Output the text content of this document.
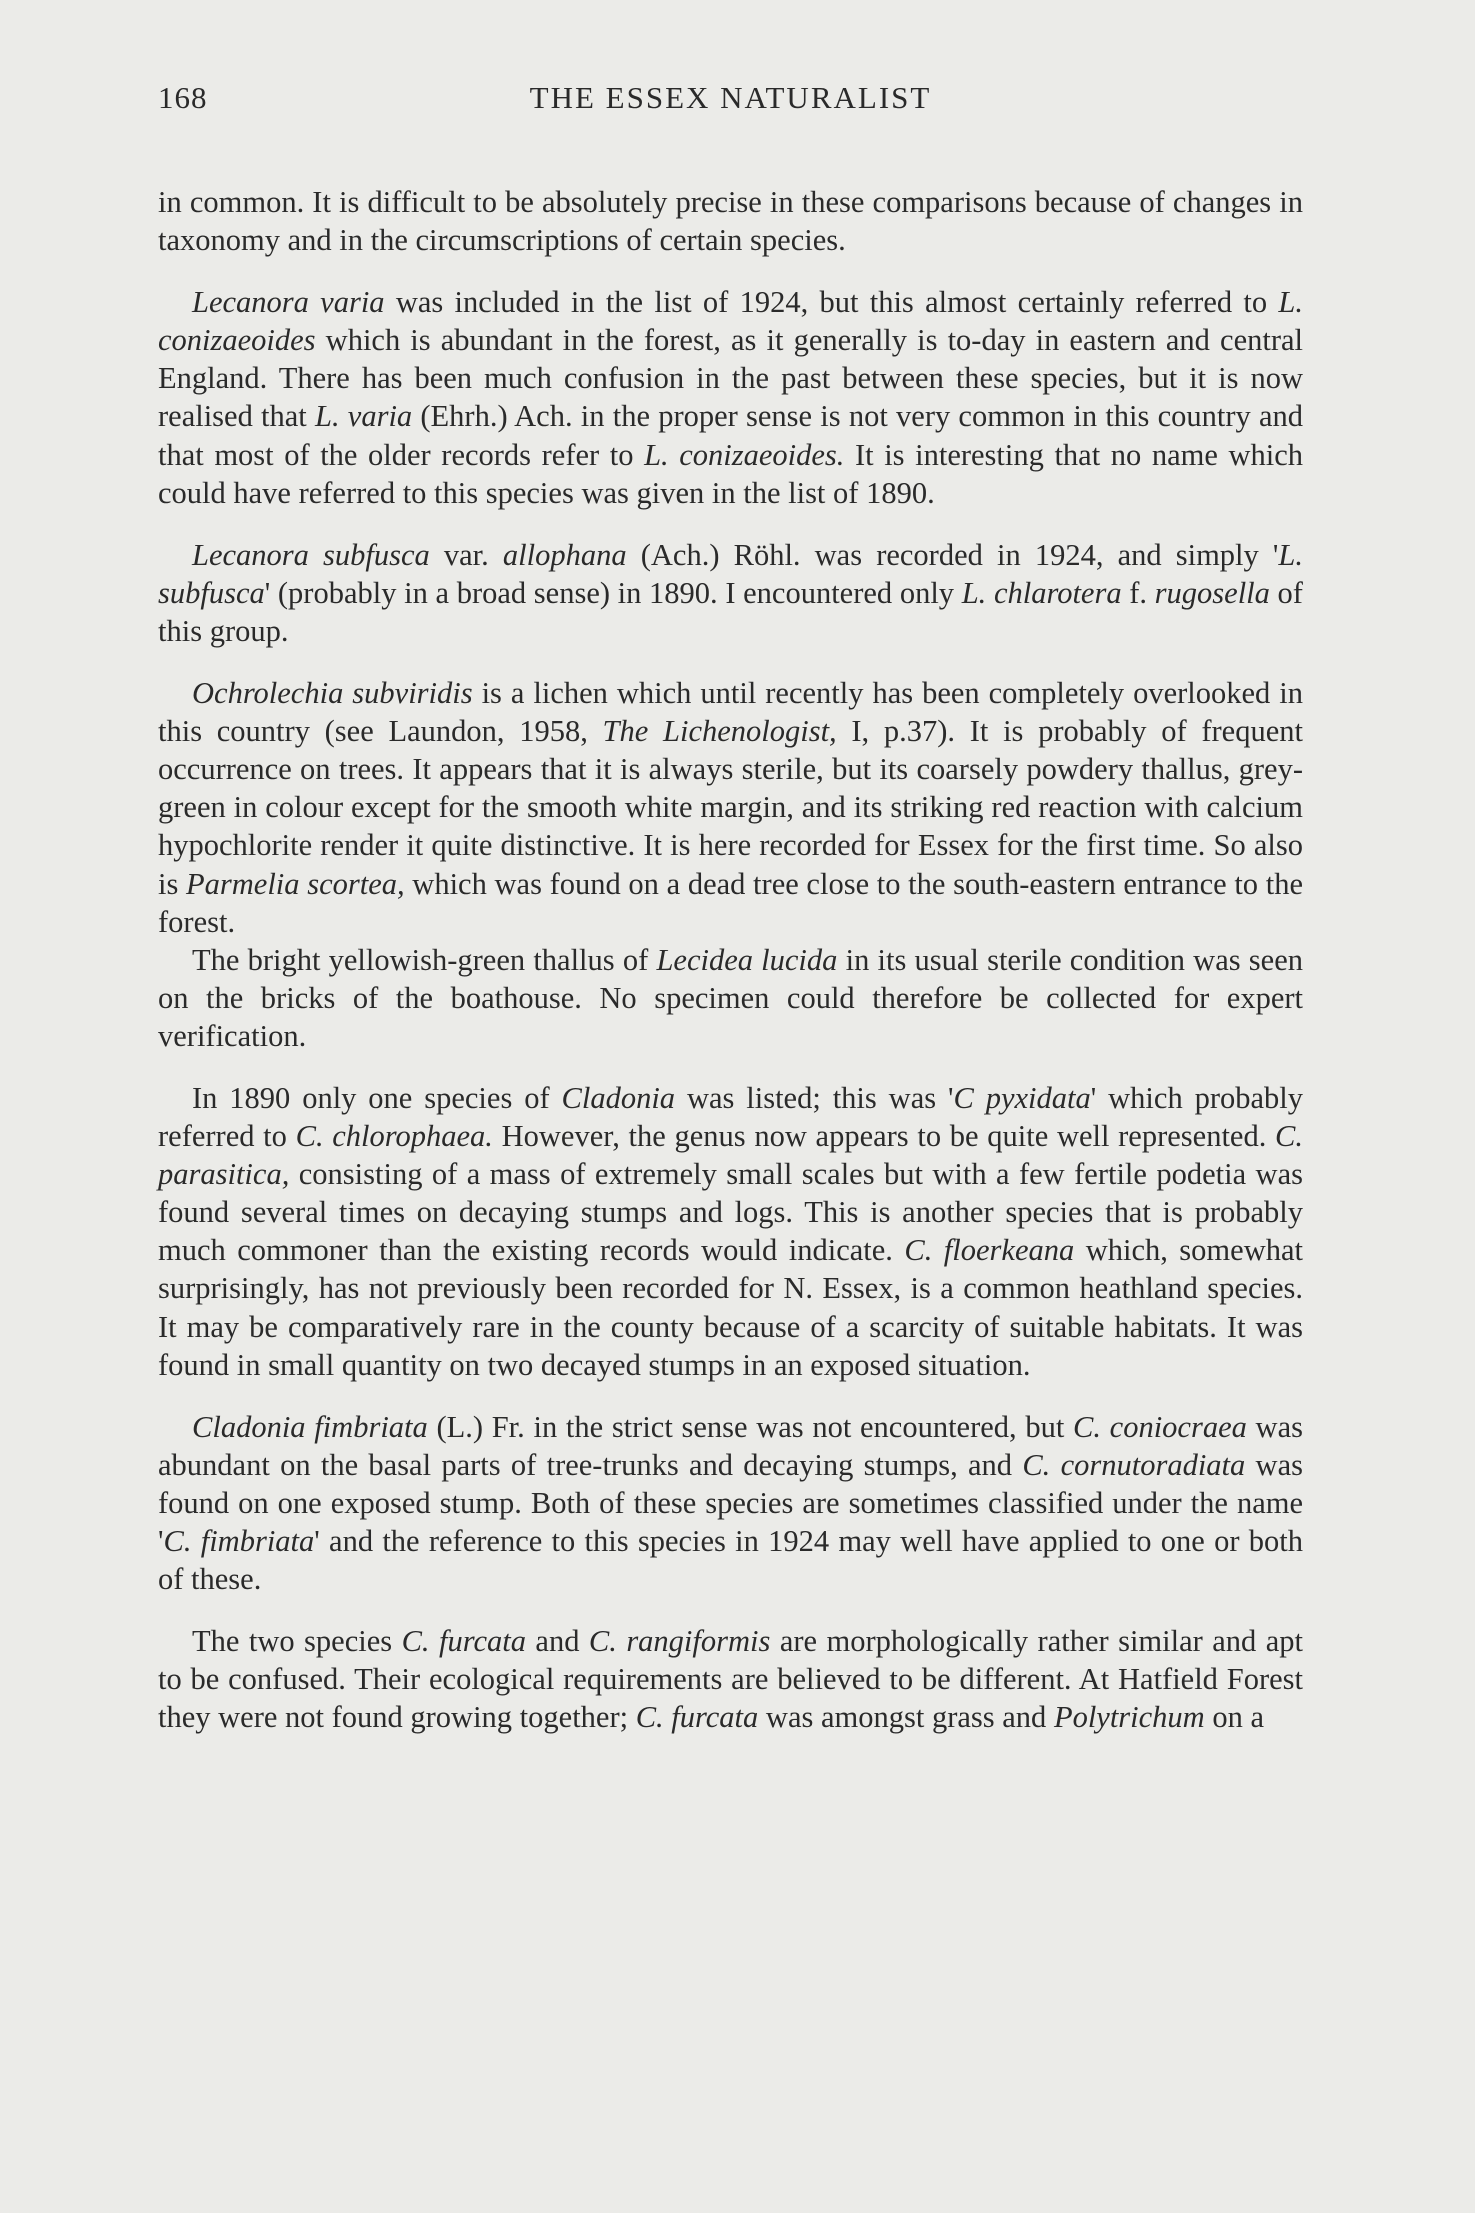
168	THE ESSEX NATURALIST

in common. It is difficult to be absolutely precise in these comparisons because of changes in taxonomy and in the circumscriptions of certain species.

Lecanora varia was included in the list of 1924, but this almost certainly referred to L. conizaeoides which is abundant in the forest, as it generally is to-day in eastern and central England. There has been much confusion in the past between these species, but it is now realised that L. varia (Ehrh.) Ach. in the proper sense is not very common in this country and that most of the older records refer to L. conizaeoides. It is interesting that no name which could have referred to this species was given in the list of 1890.

Lecanora subfusca var. allophana (Ach.) Röhl. was recorded in 1924, and simply 'L. subfusca' (probably in a broad sense) in 1890. I encountered only L. chlarotera f. rugosella of this group.

Ochrolechia subviridis is a lichen which until recently has been completely overlooked in this country (see Laundon, 1958, The Lichenologist, I, p.37). It is probably of frequent occurrence on trees. It appears that it is always sterile, but its coarsely powdery thallus, grey-green in colour except for the smooth white margin, and its striking red reaction with calcium hypochlorite render it quite distinctive. It is here recorded for Essex for the first time. So also is Parmelia scortea, which was found on a dead tree close to the south-eastern entrance to the forest.

The bright yellowish-green thallus of Lecidea lucida in its usual sterile condition was seen on the bricks of the boathouse. No specimen could therefore be collected for expert verification.

In 1890 only one species of Cladonia was listed; this was 'C pyxidata' which probably referred to C. chlorophaea. However, the genus now appears to be quite well represented. C. parasitica, consisting of a mass of extremely small scales but with a few fertile podetia was found several times on decaying stumps and logs. This is another species that is probably much commoner than the existing records would indicate. C. floerkeana which, somewhat surprisingly, has not previously been recorded for N. Essex, is a common heathland species. It may be comparatively rare in the county because of a scarcity of suitable habitats. It was found in small quantity on two decayed stumps in an exposed situation.

Cladonia fimbriata (L.) Fr. in the strict sense was not encountered, but C. coniocraea was abundant on the basal parts of tree-trunks and decaying stumps, and C. cornutoradiata was found on one exposed stump. Both of these species are sometimes classified under the name 'C. fimbriata' and the reference to this species in 1924 may well have applied to one or both of these.

The two species C. furcata and C. rangiformis are morphologically rather similar and apt to be confused. Their ecological requirements are believed to be different. At Hatfield Forest they were not found growing together; C. furcata was amongst grass and Polytrichum on a
